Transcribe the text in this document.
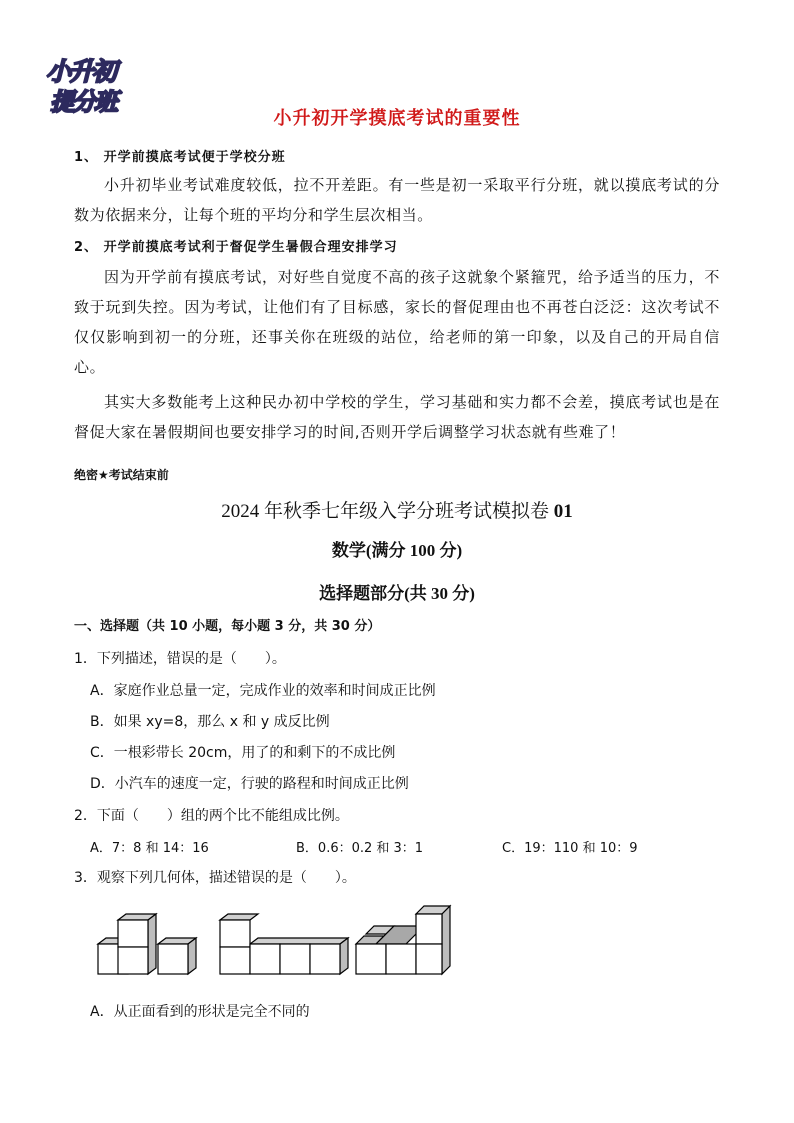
小升初
提分班
小升初开学摸底考试的重要性
1、 开学前摸底考试便于学校分班
小升初毕业考试难度较低，拉不开差距。有一些是初一采取平行分班，就以摸底考试的分数为依据来分，让每个班的平均分和学生层次相当。
2、 开学前摸底考试利于督促学生暑假合理安排学习
因为开学前有摸底考试，对好些自觉度不高的孩子这就象个紧箍咒，给予适当的压力，不致于玩到失控。因为考试，让他们有了目标感，家长的督促理由也不再苍白泛泛：这次考试不仅仅影响到初一的分班，还事关你在班级的站位，给老师的第一印象，以及自己的开局自信心。
其实大多数能考上这种民办初中学校的学生，学习基础和实力都不会差，摸底考试也是在督促大家在暑假期间也要安排学习的时间,否则开学后调整学习状态就有些难了！
绝密★考试结束前
2024 年秋季七年级入学分班考试模拟卷 01
数学(满分 100 分)
选择题部分(共 30 分)
一、选择题（共 10 小题，每小题 3 分，共 30 分）
1．下列描述，错误的是（　　）。
A．家庭作业总量一定，完成作业的效率和时间成正比例
B．如果 xy=8，那么 x 和 y 成反比例
C．一根彩带长 20cm，用了的和剩下的不成比例
D．小汽车的速度一定，行驶的路程和时间成正比例
2．下面（　　）组的两个比不能组成比例。
A．7：8 和 14：16	B．0.6：0.2 和 3：1	C．19：110 和 10：9
3．观察下列几何体，描述错误的是（　　）。
A．从正面看到的形状是完全不同的
